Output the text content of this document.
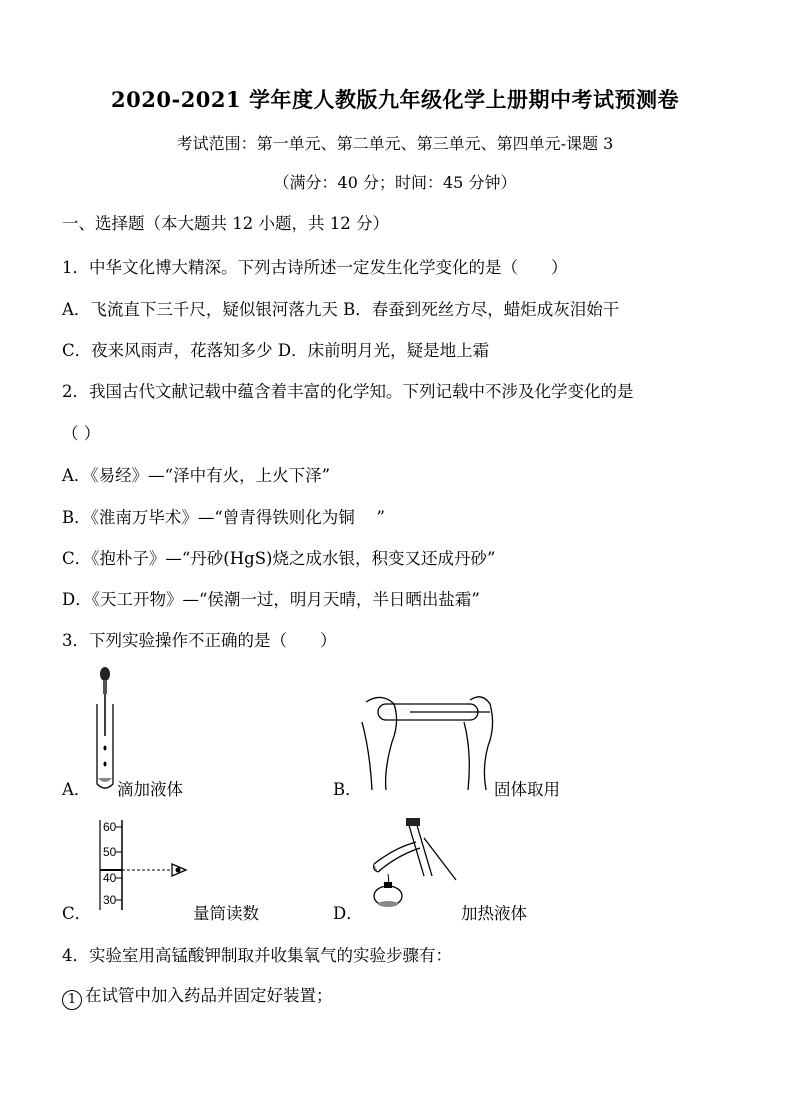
2020-2021 学年度人教版九年级化学上册期中考试预测卷
考试范围：第一单元、第二单元、第三单元、第四单元-课题 3
（满分：40 分；时间：45 分钟）
一、选择题（本大题共 12 小题，共 12 分）
1．中华文化博大精深。下列古诗所述一定发生化学变化的是（　　）
A．飞流直下三千尺，疑似银河落九天 B．春蚕到死丝方尽，蜡炬成灰泪始干
C．夜来风雨声，花落知多少 D．床前明月光，疑是地上霜
2．我国古代文献记载中蕴含着丰富的化学知。下列记载中不涉及化学变化的是
（ ）
A．《易经》—“泽中有火，上火下泽”
B．《淮南万毕术》—“曾青得铁则化为铜　 ”
C．《抱朴子》—“丹砂(HgS)烧之成水银，积变又还成丹砂”
D．《天工开物》—“侯潮一过，明月天晴，半日晒出盐霜”
3．下列实验操作不正确的是（　　）
A． 滴加液体	B．	固体取用
60
50
40
30
C．	量筒读数	D．	加热液体
4．实验室用高锰酸钾制取并收集氧气的实验步骤有：
1 在试管中加入药品并固定好装置；
